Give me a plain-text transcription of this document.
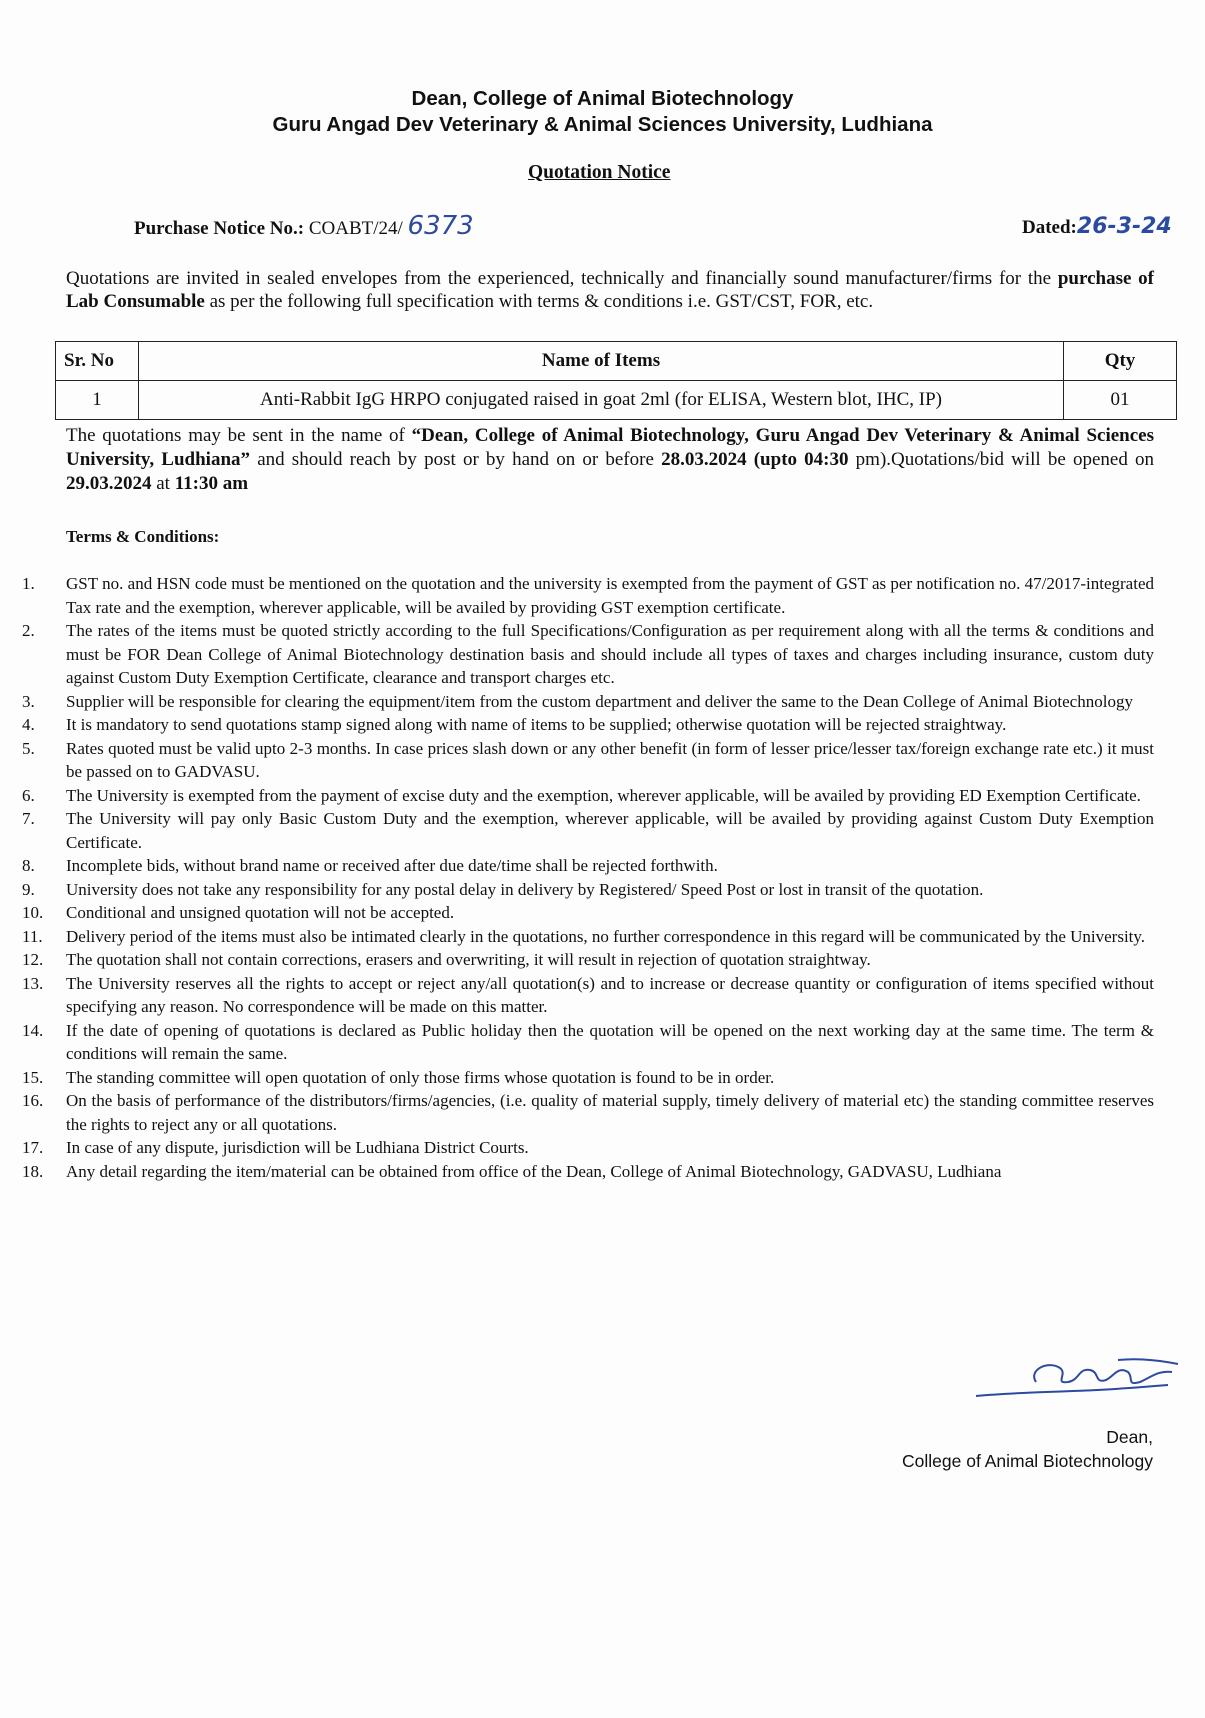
Dean, College of Animal Biotechnology
Guru Angad Dev Veterinary & Animal Sciences University, Ludhiana
Quotation Notice
Purchase Notice No.: COABT/24/ 6373	Dated:26-3-24
Quotations are invited in sealed envelopes from the experienced, technically and financially sound manufacturer/firms for the purchase of Lab Consumable as per the following full specification with terms & conditions i.e. GST/CST, FOR, etc.
Sr. No	Name of Items	Qty
1	Anti-Rabbit IgG HRPO conjugated raised in goat 2ml (for ELISA, Western blot, IHC, IP)	01
The quotations may be sent in the name of “Dean, College of Animal Biotechnology, Guru Angad Dev Veterinary & Animal Sciences University, Ludhiana” and should reach by post or by hand on or before 28.03.2024 (upto 04:30 pm).Quotations/bid will be opened on 29.03.2024 at 11:30 am
Terms & Conditions:
1.	GST no. and HSN code must be mentioned on the quotation and the university is exempted from the payment of GST as per notification no. 47/2017-integrated Tax rate and the exemption, wherever applicable, will be availed by providing GST exemption certificate.
2.	The rates of the items must be quoted strictly according to the full Specifications/Configuration as per requirement along with all the terms & conditions and must be FOR Dean College of Animal Biotechnology destination basis and should include all types of taxes and charges including insurance, custom duty against Custom Duty Exemption Certificate, clearance and transport charges etc.
3.	Supplier will be responsible for clearing the equipment/item from the custom department and deliver the same to the Dean College of Animal Biotechnology
4.	It is mandatory to send quotations stamp signed along with name of items to be supplied; otherwise quotation will be rejected straightway.
5.	Rates quoted must be valid upto 2-3 months. In case prices slash down or any other benefit (in form of lesser price/lesser tax/foreign exchange rate etc.) it must be passed on to GADVASU.
6.	The University is exempted from the payment of excise duty and the exemption, wherever applicable, will be availed by providing ED Exemption Certificate.
7.	The University will pay only Basic Custom Duty and the exemption, wherever applicable, will be availed by providing against Custom Duty Exemption Certificate.
8.	Incomplete bids, without brand name or received after due date/time shall be rejected forthwith.
9.	University does not take any responsibility for any postal delay in delivery by Registered/ Speed Post or lost in transit of the quotation.
10.	Conditional and unsigned quotation will not be accepted.
11.	Delivery period of the items must also be intimated clearly in the quotations, no further correspondence in this regard will be communicated by the University.
12.	The quotation shall not contain corrections, erasers and overwriting, it will result in rejection of quotation straightway.
13.	The University reserves all the rights to accept or reject any/all quotation(s) and to increase or decrease quantity or configuration of items specified without specifying any reason. No correspondence will be made on this matter.
14.	If the date of opening of quotations is declared as Public holiday then the quotation will be opened on the next working day at the same time. The term & conditions will remain the same.
15.	The standing committee will open quotation of only those firms whose quotation is found to be in order.
16.	On the basis of performance of the distributors/firms/agencies, (i.e. quality of material supply, timely delivery of material etc) the standing committee reserves the rights to reject any or all quotations.
17.	In case of any dispute, jurisdiction will be Ludhiana District Courts.
18.	Any detail regarding the item/material can be obtained from office of the Dean, College of Animal Biotechnology, GADVASU, Ludhiana
Dean,
College of Animal Biotechnology
